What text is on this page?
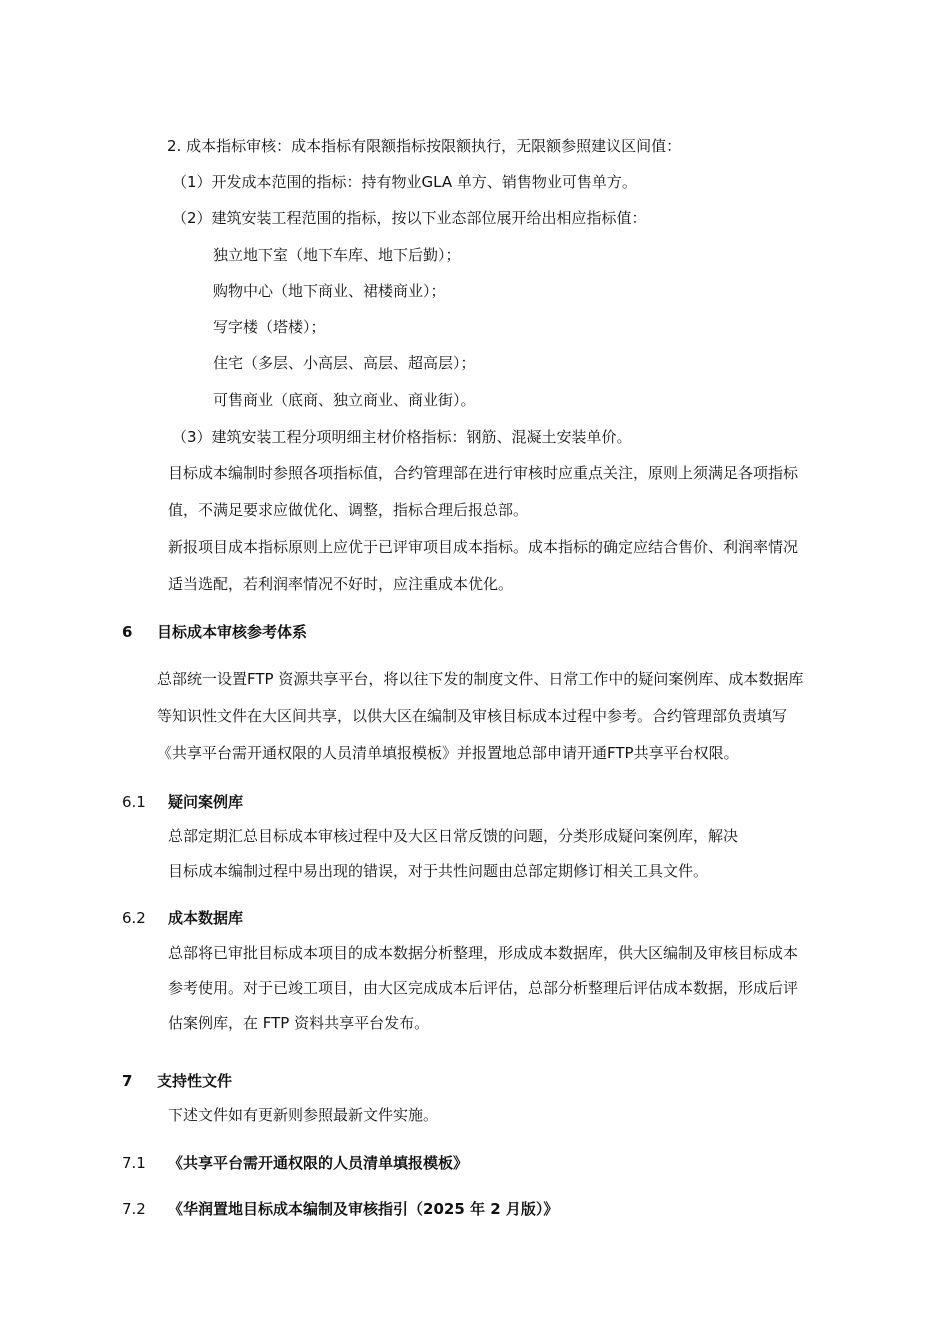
2. 成本指标审核：成本指标有限额指标按限额执行，无限额参照建议区间值：
（1）开发成本范围的指标：持有物业GLA 单方、销售物业可售单方。
（2）建筑安装工程范围的指标，按以下业态部位展开给出相应指标值：
独立地下室（地下车库、地下后勤）；
购物中心（地下商业、裙楼商业）；
写字楼（塔楼）；
住宅（多层、小高层、高层、超高层）；
可售商业（底商、独立商业、商业街）。
（3）建筑安装工程分项明细主材价格指标：钢筋、混凝土安装单价。
目标成本编制时参照各项指标值，合约管理部在进行审核时应重点关注，原则上须满足各项指标
值，不满足要求应做优化、调整，指标合理后报总部。
新报项目成本指标原则上应优于已评审项目成本指标。成本指标的确定应结合售价、利润率情况
适当选配，若利润率情况不好时，应注重成本优化。
6 目标成本审核参考体系
总部统一设置FTP 资源共享平台，将以往下发的制度文件、日常工作中的疑问案例库、成本数据库
等知识性文件在大区间共享，以供大区在编制及审核目标成本过程中参考。合约管理部负责填写
《共享平台需开通权限的人员清单填报模板》并报置地总部申请开通FTP共享平台权限。
6.1 疑问案例库
总部定期汇总目标成本审核过程中及大区日常反馈的问题，分类形成疑问案例库，解决
目标成本编制过程中易出现的错误，对于共性问题由总部定期修订相关工具文件。
6.2 成本数据库
总部将已审批目标成本项目的成本数据分析整理，形成成本数据库，供大区编制及审核目标成本
参考使用。对于已竣工项目，由大区完成成本后评估，总部分析整理后评估成本数据，形成后评
估案例库，在 FTP 资料共享平台发布。
7 支持性文件
下述文件如有更新则参照最新文件实施。
7.1 《共享平台需开通权限的人员清单填报模板》
7.2 《华润置地目标成本编制及审核指引（2025 年 2 月版）》
